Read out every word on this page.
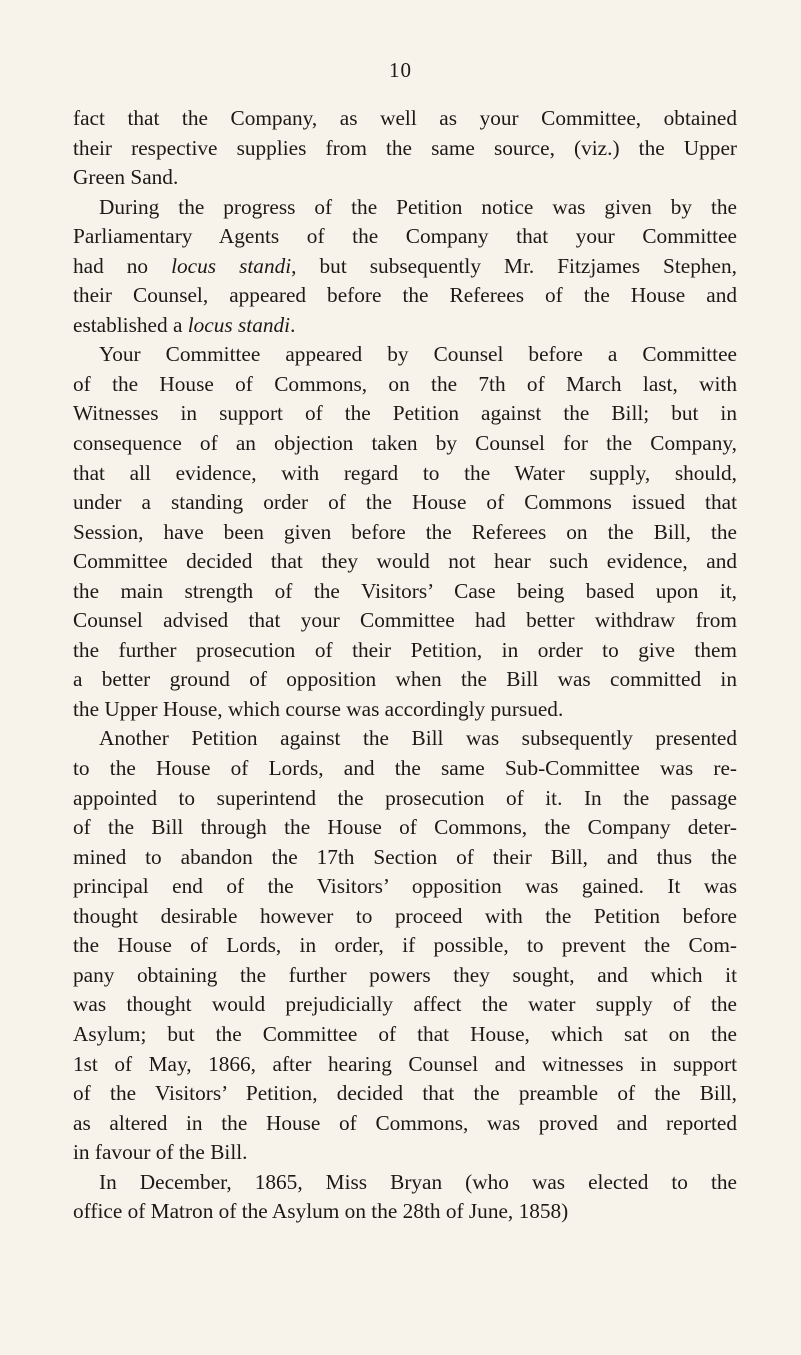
10
fact that the Company, as well as your Committee, obtained
their respective supplies from the same source, (viz.) the Upper
Green Sand.
During the progress of the Petition notice was given by the
Parliamentary Agents of the Company that your Committee
had no locus standi, but subsequently Mr. Fitzjames Stephen,
their Counsel, appeared before the Referees of the House and
established a locus standi.
Your Committee appeared by Counsel before a Committee
of the House of Commons, on the 7th of March last, with
Witnesses in support of the Petition against the Bill; but in
consequence of an objection taken by Counsel for the Company,
that all evidence, with regard to the Water supply, should,
under a standing order of the House of Commons issued that
Session, have been given before the Referees on the Bill, the
Committee decided that they would not hear such evidence, and
the main strength of the Visitors’ Case being based upon it,
Counsel advised that your Committee had better withdraw from
the further prosecution of their Petition, in order to give them
a better ground of opposition when the Bill was committed in
the Upper House, which course was accordingly pursued.
Another Petition against the Bill was subsequently presented
to the House of Lords, and the same Sub-Committee was re-
appointed to superintend the prosecution of it. In the passage
of the Bill through the House of Commons, the Company deter-
mined to abandon the 17th Section of their Bill, and thus the
principal end of the Visitors’ opposition was gained. It was
thought desirable however to proceed with the Petition before
the House of Lords, in order, if possible, to prevent the Com-
pany obtaining the further powers they sought, and which it
was thought would prejudicially affect the water supply of the
Asylum; but the Committee of that House, which sat on the
1st of May, 1866, after hearing Counsel and witnesses in support
of the Visitors’ Petition, decided that the preamble of the Bill,
as altered in the House of Commons, was proved and reported
in favour of the Bill.
In December, 1865, Miss Bryan (who was elected to the
office of Matron of the Asylum on the 28th of June, 1858)
